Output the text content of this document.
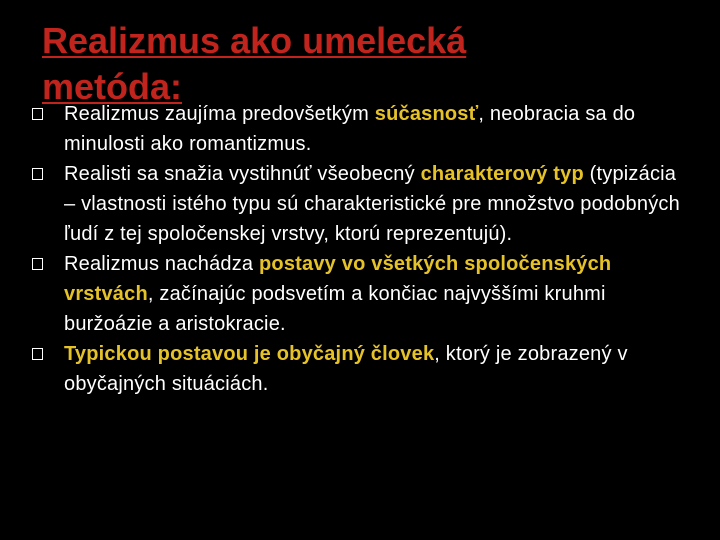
Realizmus ako umelecká metóda:
Realizmus zaujíma predovšetkým súčasnosť, neobracia sa do minulosti ako romantizmus.
Realisti sa snažia vystihnúť všeobecný charakterový typ (typizácia – vlastnosti istého typu sú charakteristické pre množstvo podobných ľudí z tej spoločenskej vrstvy, ktorú reprezentujú).
Realizmus nachádza postavy vo všetkých spoločenských vrstvách, začínajúc podsvetím a končiac najvyššími kruhmi buržoázie a aristokracie.
Typickou postavou je obyčajný človek, ktorý je zobrazený v obyčajných situáciách.
